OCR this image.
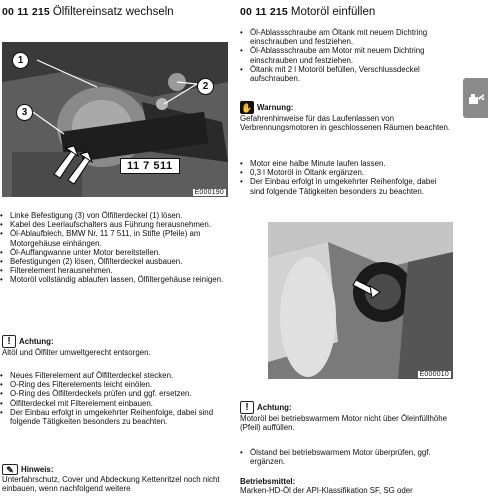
00 11 215 Ölfiltereinsatz wechseln
1
2
3
11 7 511
E000190
• Linke Befestigung (3) von Ölfilterdeckel (1) lösen.
• Kabel des Leerlaufschalters aus Führung herausnehmen.
• Öl-Ablaufblech, BMW Nr. 11 7 511, in Stifte (Pfeile) am Motorgehäuse einhängen.
• Öl-Auffangwanne unter Motor bereitstellen.
• Befestigungen (2) lösen, Ölfilterdeckel ausbauen.
• Filterelement herausnehmen.
• Motoröl vollständig ablaufen lassen, Ölfiltergehäuse reinigen.
!	Achtung:
Altöl und Ölfilter umweltgerecht entsorgen.
• Neues Filterelement auf Ölfilterdeckel stecken.
• O-Ring des Filterelements leicht einölen.
• O-Ring des Ölfilterdeckels prüfen und ggf. ersetzen.
• Ölfilterdeckel mit Filterelement einbauen.
• Der Einbau erfolgt in umgekehrter Reihenfolge, dabei sind folgende Tätigkeiten besonders zu beachten.
✎ Hinweis:
Unterfahrschutz, Cover und Abdeckung Kettenritzel noch nicht einbauen, wenn nachfolgend weitere
00 11 215 Motoröl einfüllen
• Öl-Ablassschraube am Öltank mit neuem Dichtring einschrauben und festziehen.
• Öl-Ablassschraube am Motor mit neuem Dichtring einschrauben und festziehen.
• Öltank mit 2 l Motoröl befüllen, Verschlussdeckel aufschrauben.
✋ Warnung:
Gefahrenhinweise für das Laufenlassen von Verbrennungsmotoren in geschlossenen Räumen beachten.
• Motor eine halbe Minute laufen lassen.
• 0,3 l Motoröl in Öltank ergänzen.
• Der Einbau erfolgt in umgekehrter Reihenfolge, dabei sind folgende Tätigkeiten besonders zu beachten.
E000010
!	Achtung:
Motoröl bei betriebswarmem Motor nicht über Öleinfüllhöhe (Pfeil) auffüllen.
• Ölstand bei betriebswarmem Motor überprüfen, ggf. ergänzen.
Betriebsmittel:
Marken-HD-Öl der API-Klassifikation SF, SG oder
